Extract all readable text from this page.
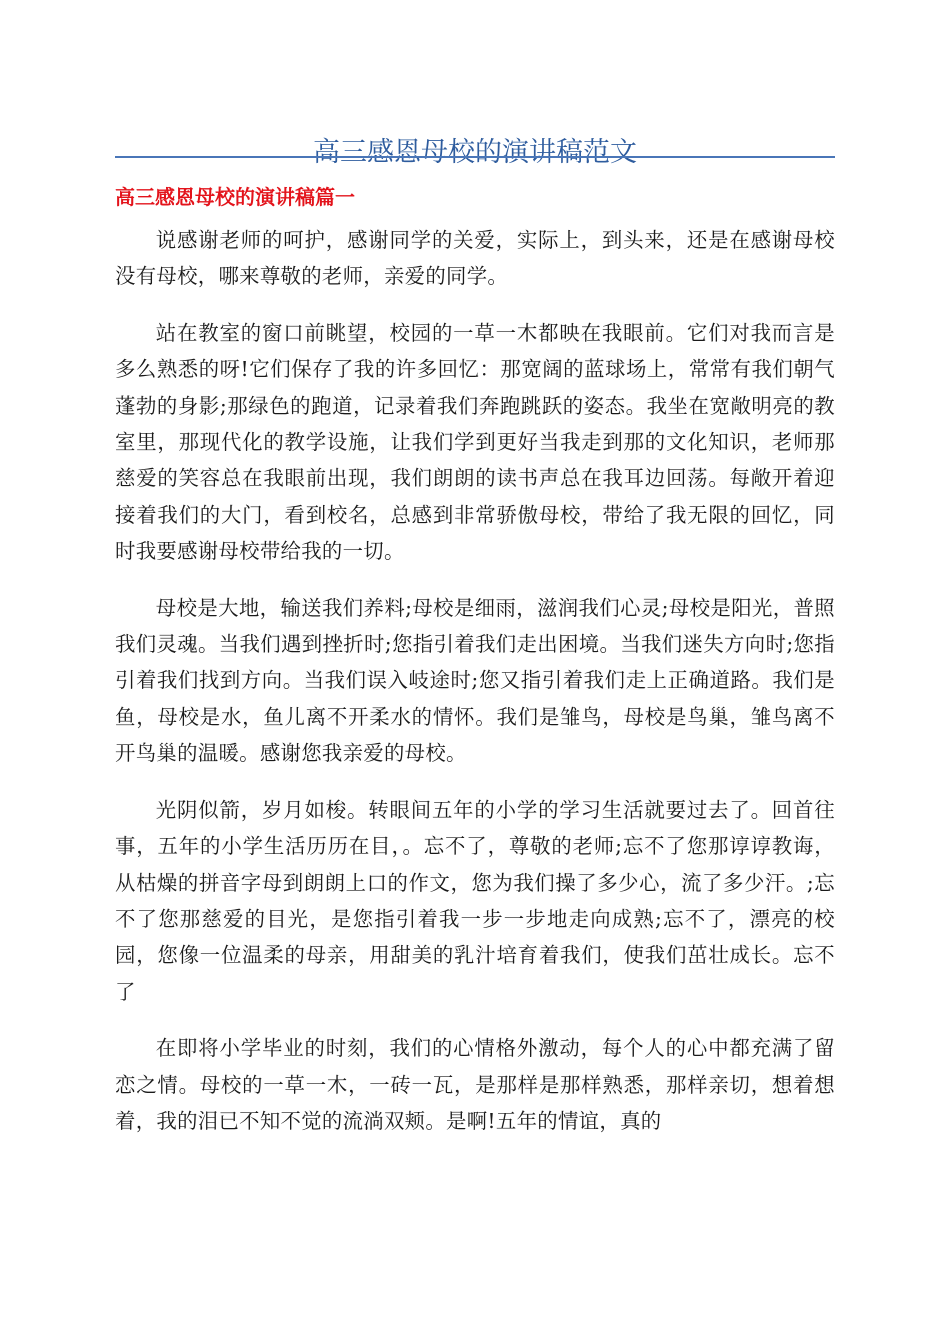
高三感恩母校的演讲稿范文
高三感恩母校的演讲稿篇一

说感谢老师的呵护，感谢同学的关爱，实际上，到头来，还是在感谢母校没有母校，哪来尊敬的老师，亲爱的同学。

站在教室的窗口前眺望，校园的一草一木都映在我眼前。它们对我而言是多么熟悉的呀!它们保存了我的许多回忆：那宽阔的蓝球场上，常常有我们朝气蓬勃的身影;那绿色的跑道，记录着我们奔跑跳跃的姿态。我坐在宽敞明亮的教室里，那现代化的教学设施，让我们学到更好当我走到那的文化知识，老师那慈爱的笑容总在我眼前出现，我们朗朗的读书声总在我耳边回荡。每敞开着迎接着我们的大门，看到校名，总感到非常骄傲母校，带给了我无限的回忆，同时我要感谢母校带给我的一切。

母校是大地，输送我们养料;母校是细雨，滋润我们心灵;母校是阳光，普照我们灵魂。当我们遇到挫折时;您指引着我们走出困境。当我们迷失方向时;您指引着我们找到方向。当我们误入岐途时;您又指引着我们走上正确道路。我们是鱼，母校是水，鱼儿离不开柔水的情怀。我们是雏鸟，母校是鸟巢，雏鸟离不开鸟巢的温暖。感谢您我亲爱的母校。

光阴似箭，岁月如梭。转眼间五年的小学的学习生活就要过去了。回首往事，五年的小学生活历历在目，。忘不了，尊敬的老师;忘不了您那谆谆教诲，从枯燥的拼音字母到朗朗上口的作文，您为我们操了多少心，流了多少汗。;忘不了您那慈爱的目光，是您指引着我一步一步地走向成熟;忘不了，漂亮的校园，您像一位温柔的母亲，用甜美的乳汁培育着我们，使我们茁壮成长。忘不了

在即将小学毕业的时刻，我们的心情格外激动，每个人的心中都充满了留恋之情。母校的一草一木，一砖一瓦，是那样是那样熟悉，那样亲切，想着想着，我的泪已不知不觉的流淌双颊。是啊!五年的情谊，真的
